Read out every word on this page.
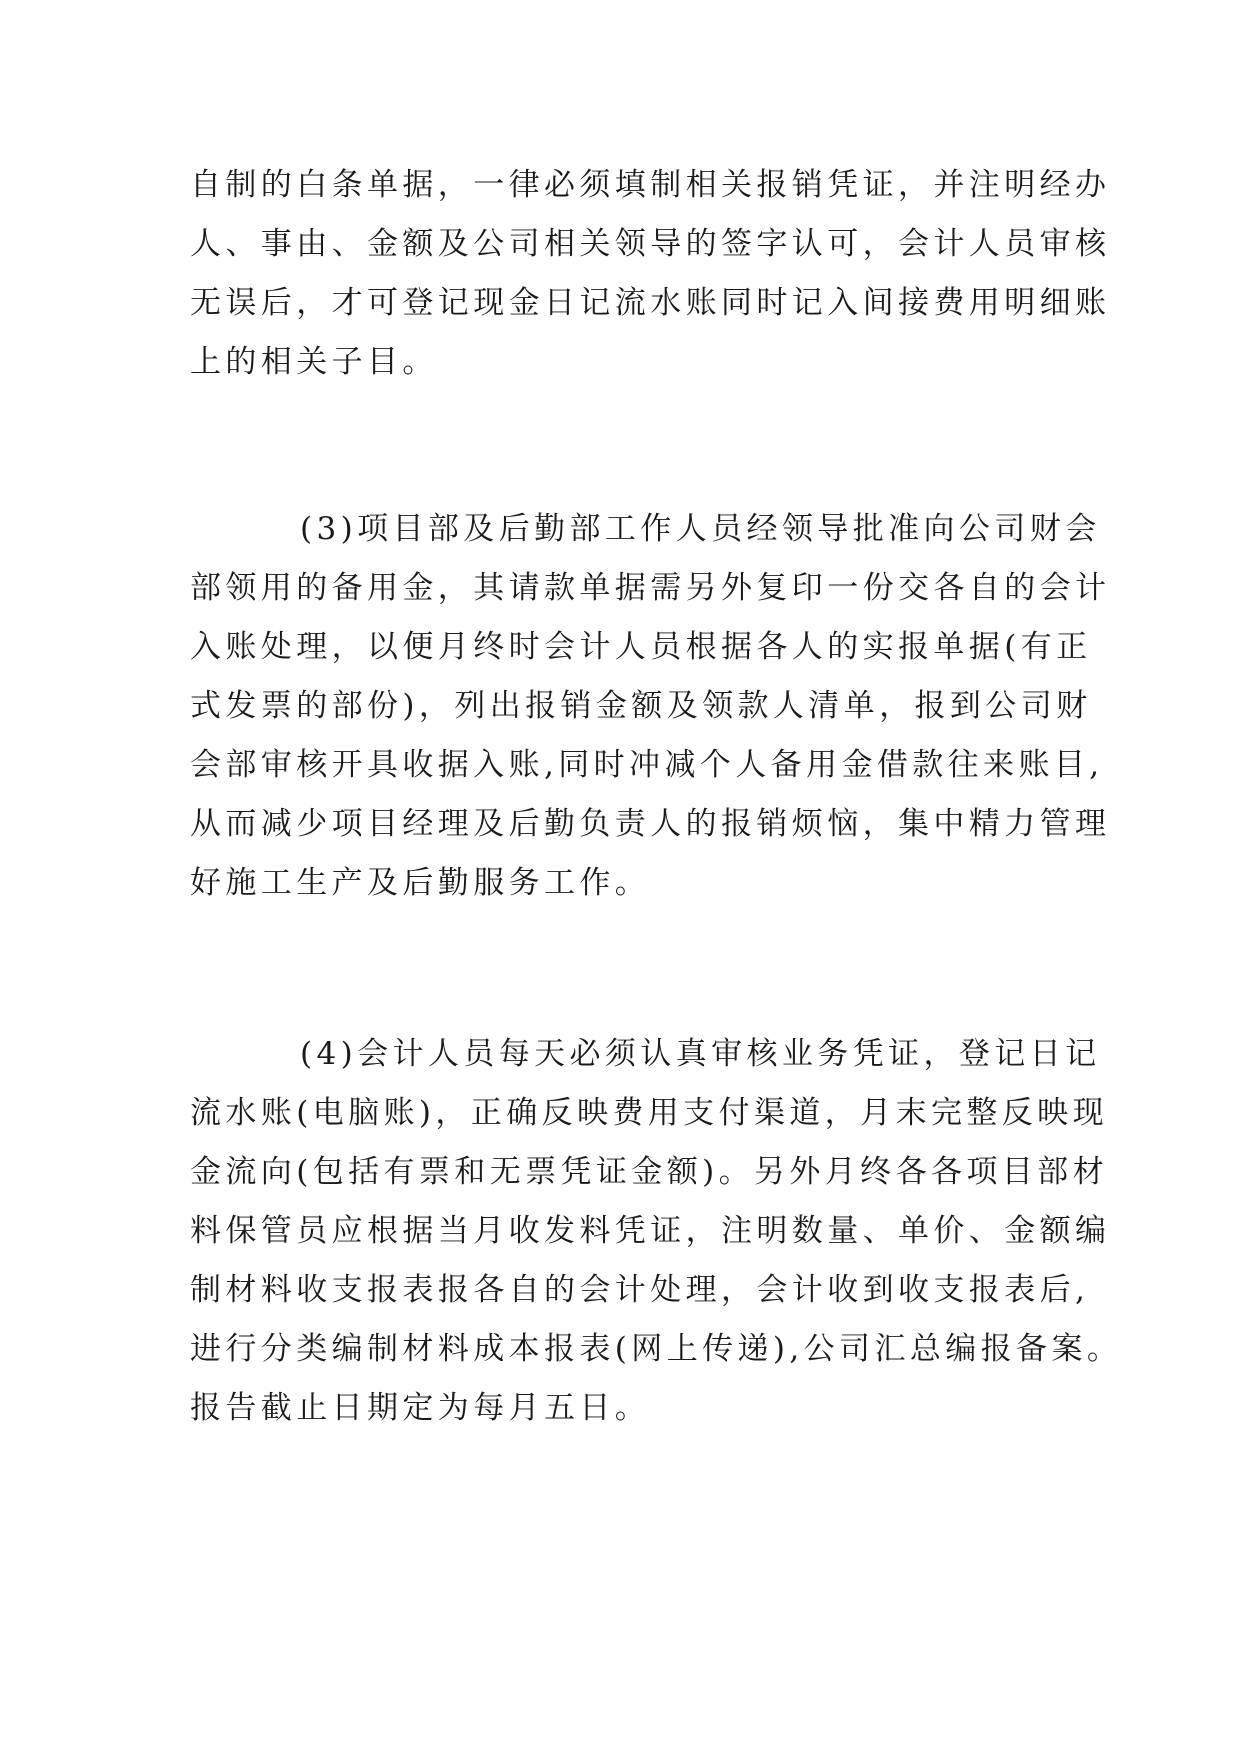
自制的白条单据，一律必须填制相关报销凭证，并注明经办
人、事由、金额及公司相关领导的签字认可，会计人员审核
无误后，才可登记现金日记流水账同时记入间接费用明细账
上的相关子目。

(3)项目部及后勤部工作人员经领导批准向公司财会
部领用的备用金，其请款单据需另外复印一份交各自的会计
入账处理，以便月终时会计人员根据各人的实报单据(有正
式发票的部份)，列出报销金额及领款人清单，报到公司财
会部审核开具收据入账,同时冲减个人备用金借款往来账目,
从而减少项目经理及后勤负责人的报销烦恼，集中精力管理
好施工生产及后勤服务工作。

(4)会计人员每天必须认真审核业务凭证，登记日记
流水账(电脑账)，正确反映费用支付渠道，月末完整反映现
金流向(包括有票和无票凭证金额)。另外月终各各项目部材
料保管员应根据当月收发料凭证，注明数量、单价、金额编
制材料收支报表报各自的会计处理，会计收到收支报表后,
进行分类编制材料成本报表(网上传递),公司汇总编报备案。
报告截止日期定为每月五日。
